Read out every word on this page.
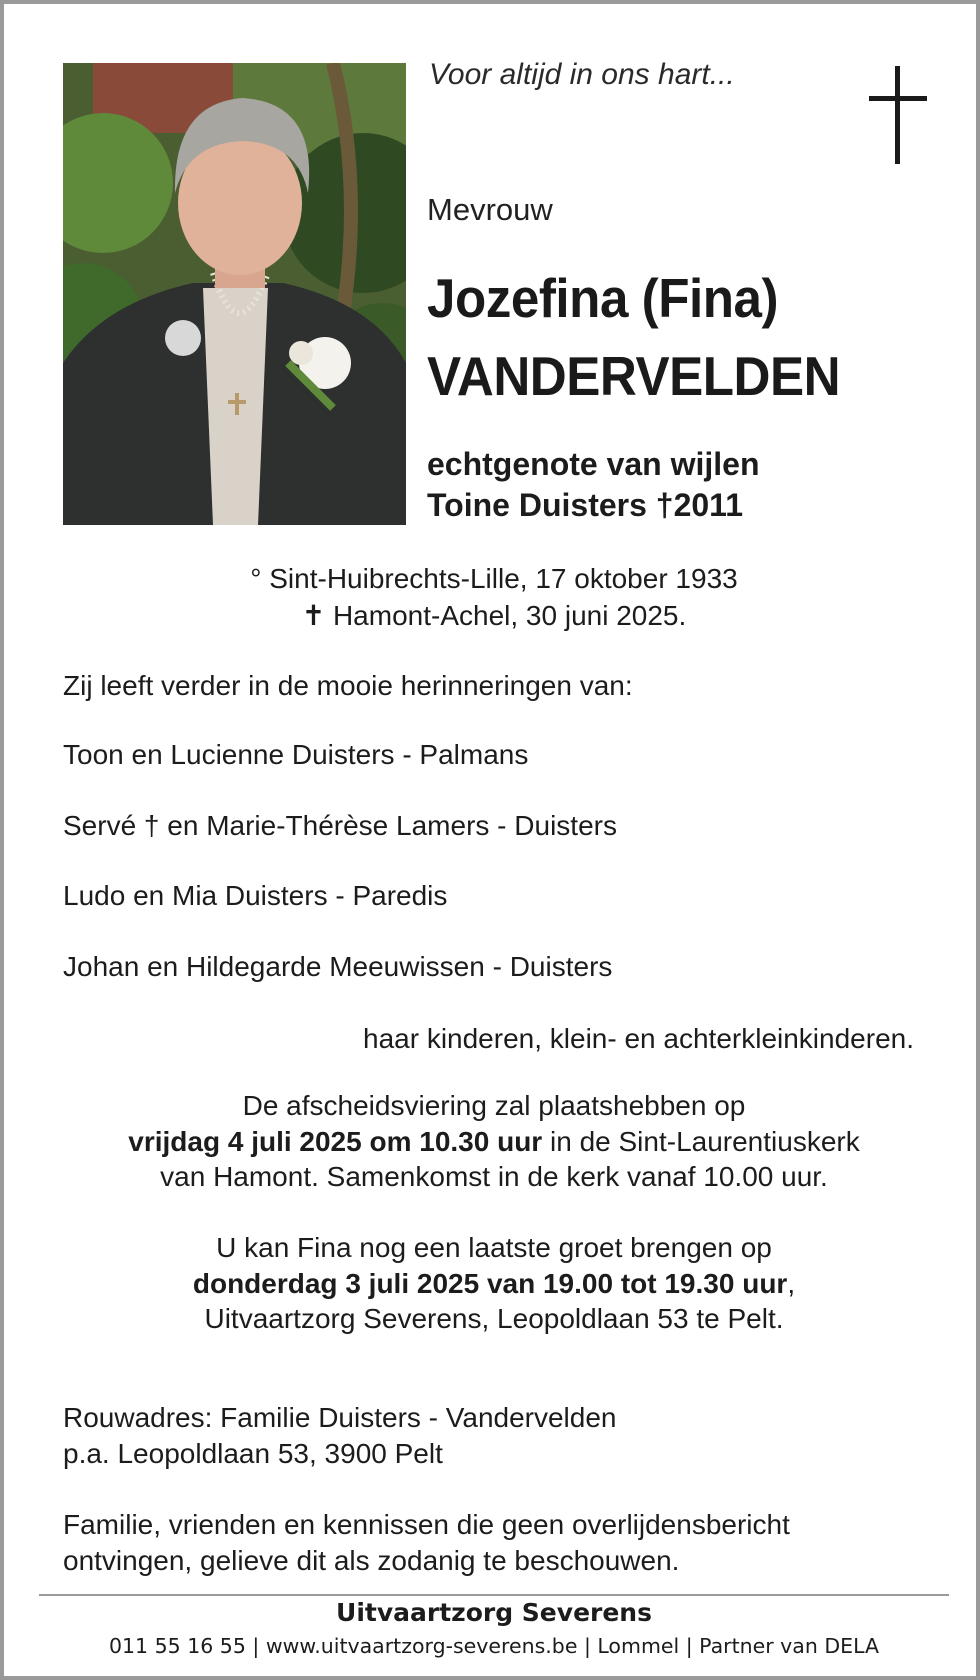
Voor altijd in ons hart...
Mevrouw
Jozefina (Fina)
VANDERVELDEN
echtgenote van wijlen
Toine Duisters †2011
° Sint-Huibrechts-Lille, 17 oktober 1933
✝ Hamont-Achel, 30 juni 2025.
Zij leeft verder in de mooie herinneringen van:
Toon en Lucienne Duisters - Palmans
Servé † en Marie-Thérèse Lamers - Duisters
Ludo en Mia Duisters - Paredis
Johan en Hildegarde Meeuwissen - Duisters
haar kinderen, klein- en achterkleinkinderen.
De afscheidsviering zal plaatshebben op
vrijdag 4 juli 2025 om 10.30 uur in de Sint-Laurentiuskerk
van Hamont. Samenkomst in de kerk vanaf 10.00 uur.
U kan Fina nog een laatste groet brengen op
donderdag 3 juli 2025 van 19.00 tot 19.30 uur,
Uitvaartzorg Severens, Leopoldlaan 53 te Pelt.
Rouwadres: Familie Duisters - Vandervelden
p.a. Leopoldlaan 53, 3900 Pelt
Familie, vrienden en kennissen die geen overlijdensbericht
ontvingen, gelieve dit als zodanig te beschouwen.
Uitvaartzorg Severens
011 55 16 55 | www.uitvaartzorg-severens.be | Lommel | Partner van DELA
